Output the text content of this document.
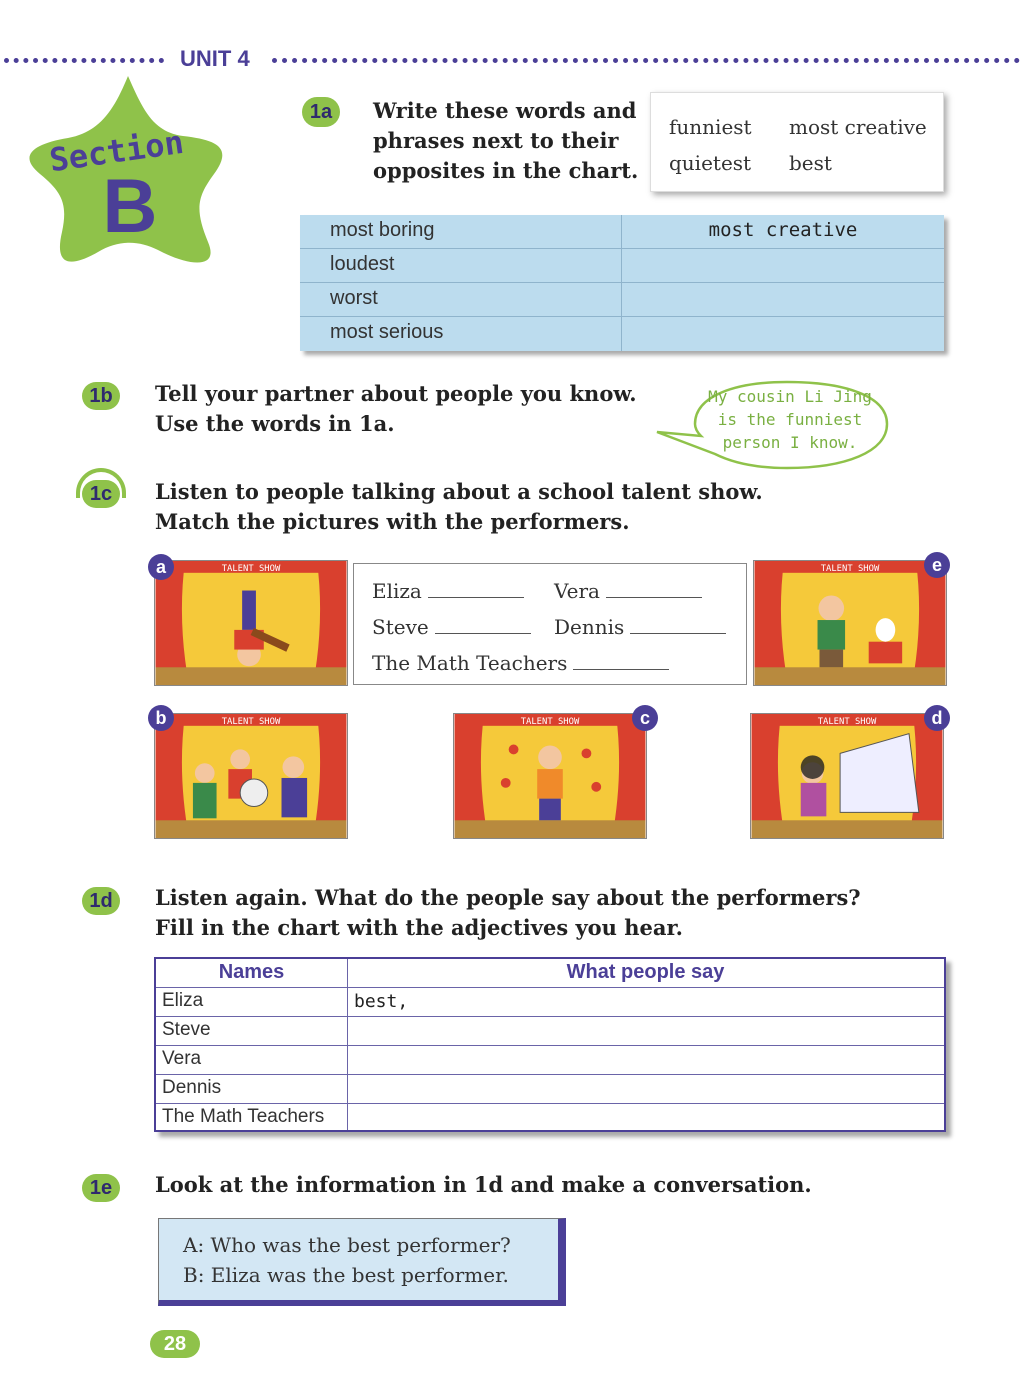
UNIT 4
Section
B
1a	Write these words and
phrases next to their
opposites in the chart.
funniest most creative
quietest best
most boring	most creative
loudest
worst
most serious
1b	Tell your partner about people you know.
Use the words in 1a.
My cousin Li Jing
is the funniest
person I know.
1c	Listen to people talking about a school talent show.
Match the pictures with the performers.
TALENT SHOW
a
Eliza	Vera
Steve	Dennis
The Math Teachers
TALENT SHOW	e
TALENT SHOW
b	TALENT SHOW	c	TALENT SHOW	d
1d	Listen again. What do the people say about the performers?
Fill in the chart with the adjectives you hear.
Names	What people say
Eliza	best,
Steve
Vera
Dennis
The Math Teachers
1e	Look at the information in 1d and make a conversation.
A: Who was the best performer?
B: Eliza was the best performer.
28
